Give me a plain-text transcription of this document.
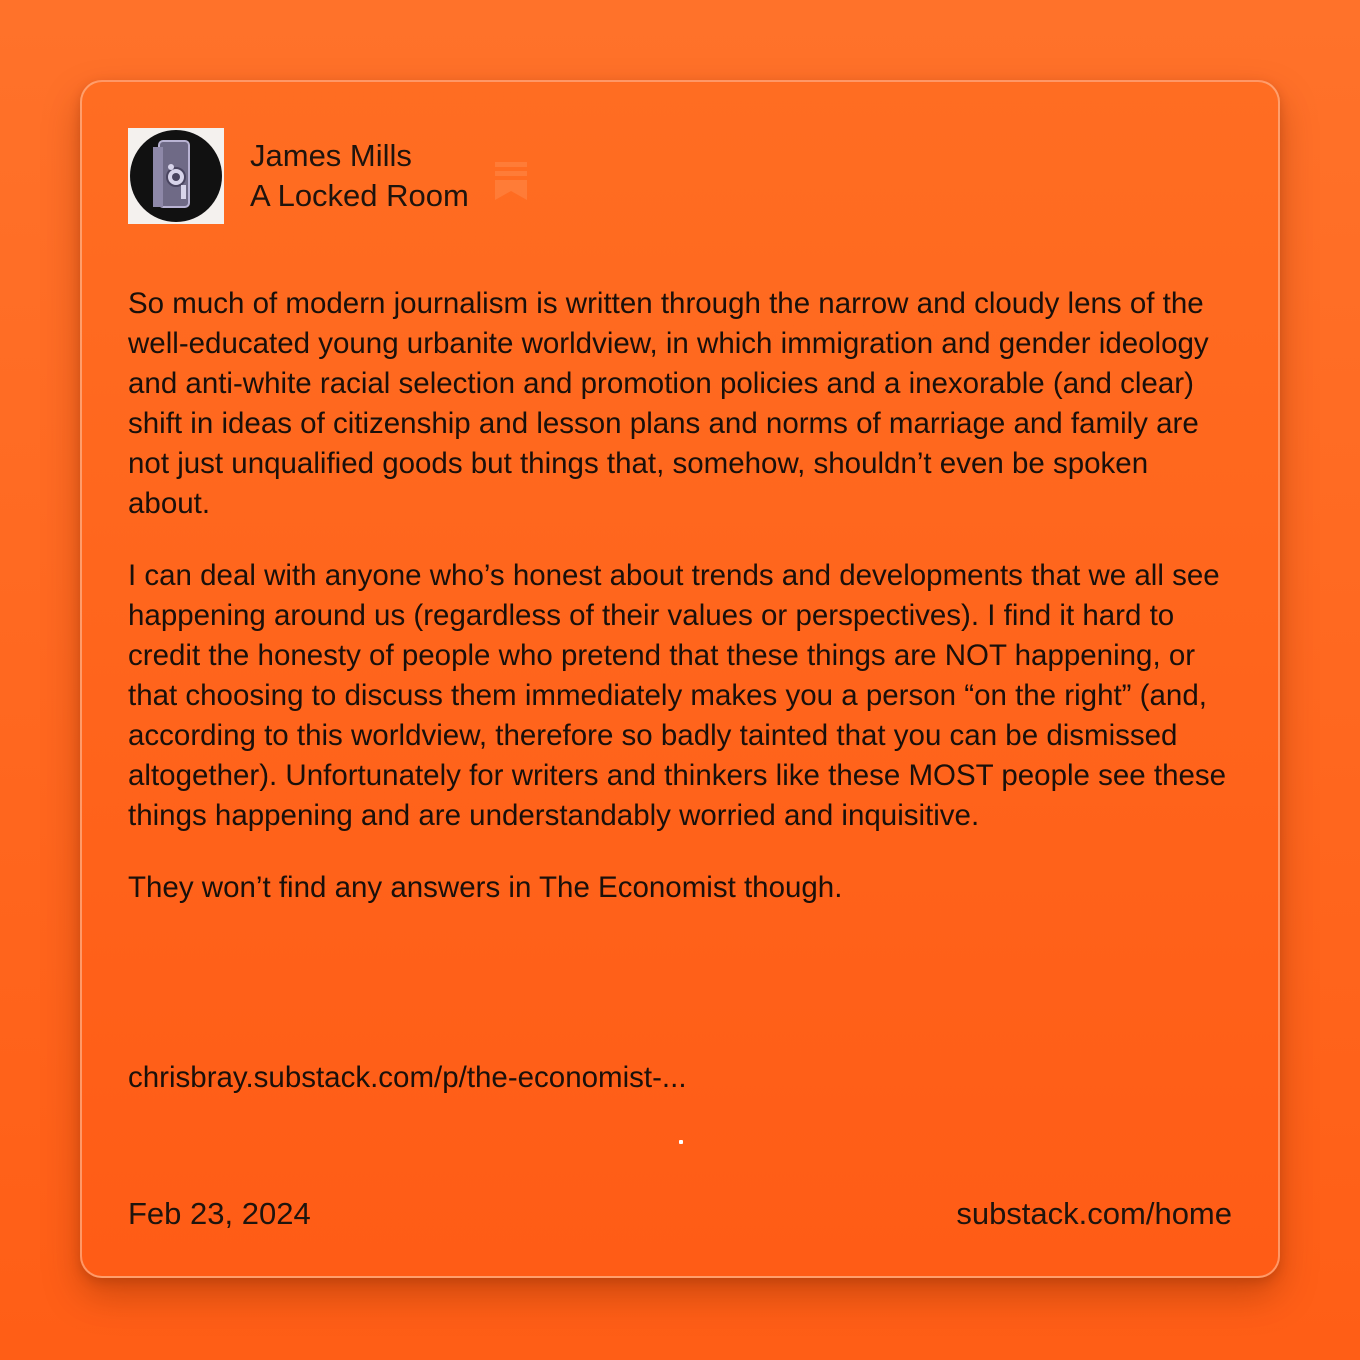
James Mills
A Locked Room

So much of modern journalism is written through the narrow and cloudy lens of the well-educated young urbanite worldview, in which immigration and gender ideology and anti-white racial selection and promotion policies and a inexorable (and clear) shift in ideas of citizenship and lesson plans and norms of marriage and family are not just unqualified goods but things that, somehow, shouldn’t even be spoken about.

I can deal with anyone who’s honest about trends and developments that we all see happening around us (regardless of their values or perspectives). I find it hard to credit the honesty of people who pretend that these things are NOT happening, or that choosing to discuss them immediately makes you a person “on the right” (and, according to this worldview, therefore so badly tainted that you can be dismissed altogether). Unfortunately for writers and thinkers like these MOST people see these things happening and are understandably worried and inquisitive.

They won’t find any answers in The Economist though.

chrisbray.substack.com/p/the-economist-...
Feb 23, 2024	substack.com/home
